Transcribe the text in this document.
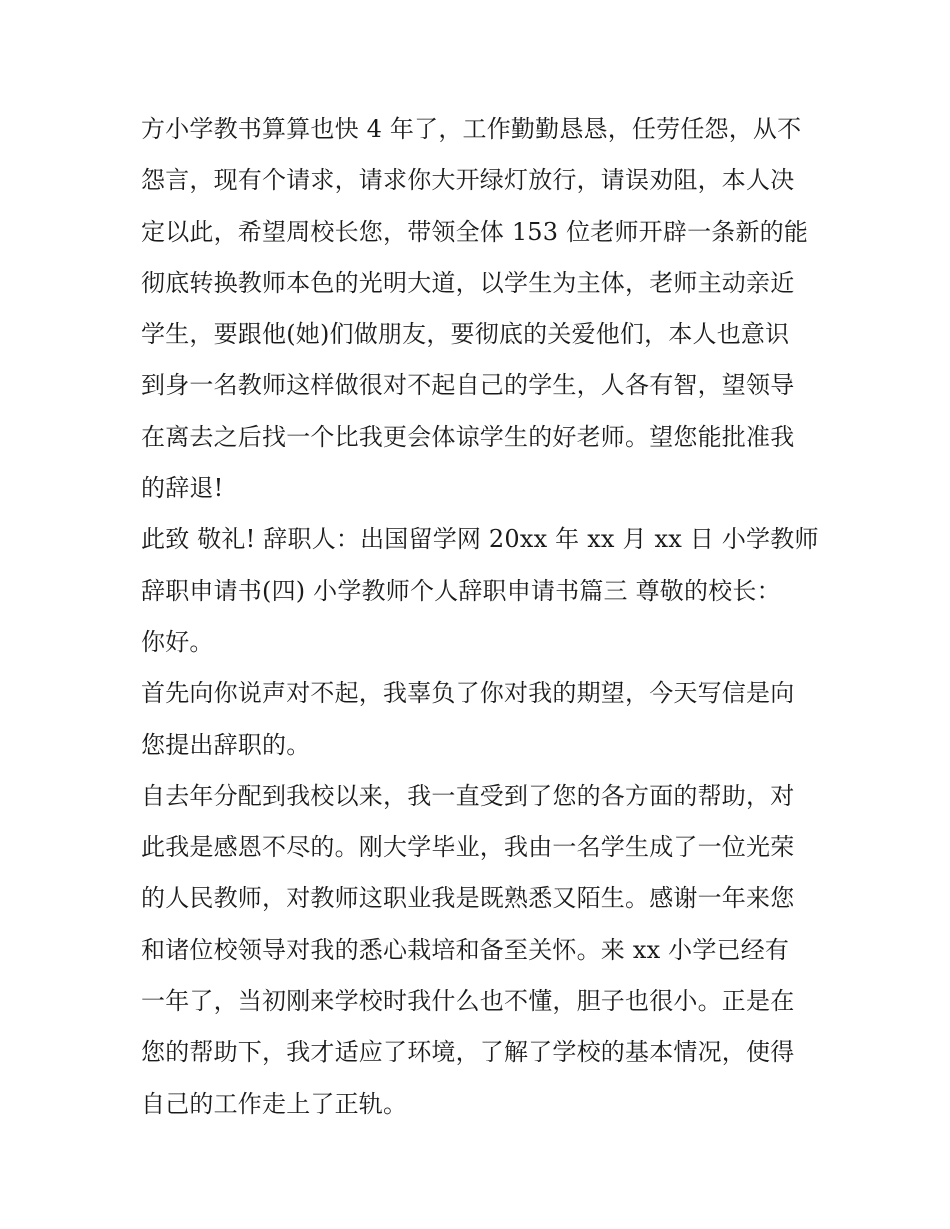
方小学教书算算也快 4 年了，工作勤勤恳恳，任劳任怨，从不
怨言，现有个请求，请求你大开绿灯放行，请误劝阻，本人决
定以此，希望周校长您，带领全体 153 位老师开辟一条新的能
彻底转换教师本色的光明大道，以学生为主体，老师主动亲近
学生，要跟他(她)们做朋友，要彻底的关爱他们，本人也意识
到身一名教师这样做很对不起自己的学生，人各有智，望领导
在离去之后找一个比我更会体谅学生的好老师。望您能批准我
的辞退!
此致 敬礼! 辞职人：出国留学网 20xx 年 xx 月 xx 日 小学教师
辞职申请书(四) 小学教师个人辞职申请书篇三 尊敬的校长：
你好。
首先向你说声对不起，我辜负了你对我的期望，今天写信是向
您提出辞职的。
自去年分配到我校以来，我一直受到了您的各方面的帮助，对
此我是感恩不尽的。刚大学毕业，我由一名学生成了一位光荣
的人民教师，对教师这职业我是既熟悉又陌生。感谢一年来您
和诸位校领导对我的悉心栽培和备至关怀。来 xx 小学已经有
一年了，当初刚来学校时我什么也不懂，胆子也很小。正是在
您的帮助下，我才适应了环境，了解了学校的基本情况，使得
自己的工作走上了正轨。
